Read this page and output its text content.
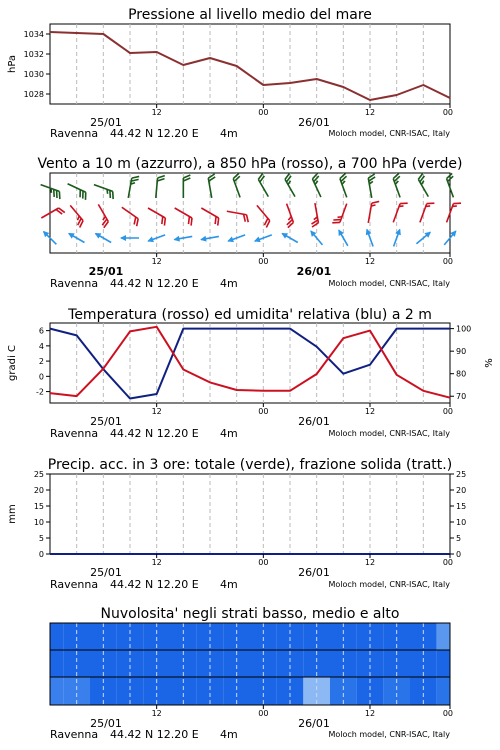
Pressione al livello medio del mare
1028
1030
1032
1034
hPa
12	00	12	00
25/01	26/01
Ravenna 44.42 N 12.20 E 4m	Moloch model, CNR-ISAC, Italy
Vento a 10 m (azzurro), a 850 hPa (rosso), a 700 hPa (verde)
12	00	12	00
25/01	26/01
Ravenna 44.42 N 12.20 E 4m	Moloch model, CNR-ISAC, Italy
Temperatura (rosso) ed umidita' relativa (blu) a 2 m
-2
0
2
4
6
70
80
90
100
gradi C	%
12	00	12	00
25/01	26/01
Ravenna 44.42 N 12.20 E 4m	Moloch model, CNR-ISAC, Italy
Precip. acc. in 3 ore: totale (verde), frazione solida (tratt.)
0
5
10
15
20
25
0
5
10
15
20
25
mm
12	00	12	00
25/01	26/01
Ravenna 44.42 N 12.20 E 4m	Moloch model, CNR-ISAC, Italy
Nuvolosita' negli strati basso, medio e alto
12	00	12	00
25/01	26/01
Ravenna 44.42 N 12.20 E 4m	Moloch model, CNR-ISAC, Italy
